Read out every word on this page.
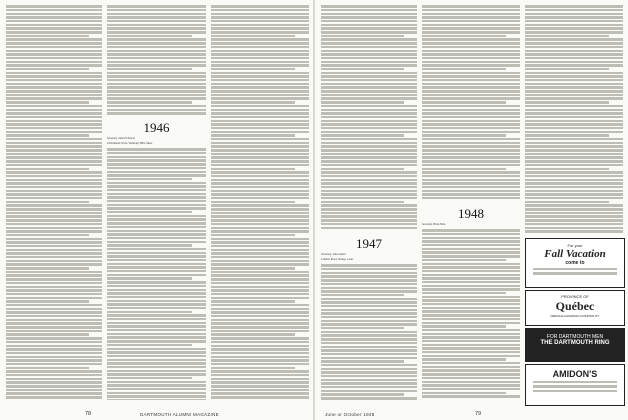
1946

Secretary, James Edwards

43 Kirkland Circle, Wellesley Hills, Mass.

78	DARTMOUTH ALUMNI MAGAZINE
1947

Secretary, John Guerin

Lambert Road, Orange, Conn.

1948

Secretary, Brian Sims

For your

Fall Vacation

come to

PROVINCE OF

Québec

FRENCH-CANADIAN HOSPITALITY

FOR DARTMOUTH MEN

THE DARTMOUTH RING

AMIDON'S

June or October 1948	79
